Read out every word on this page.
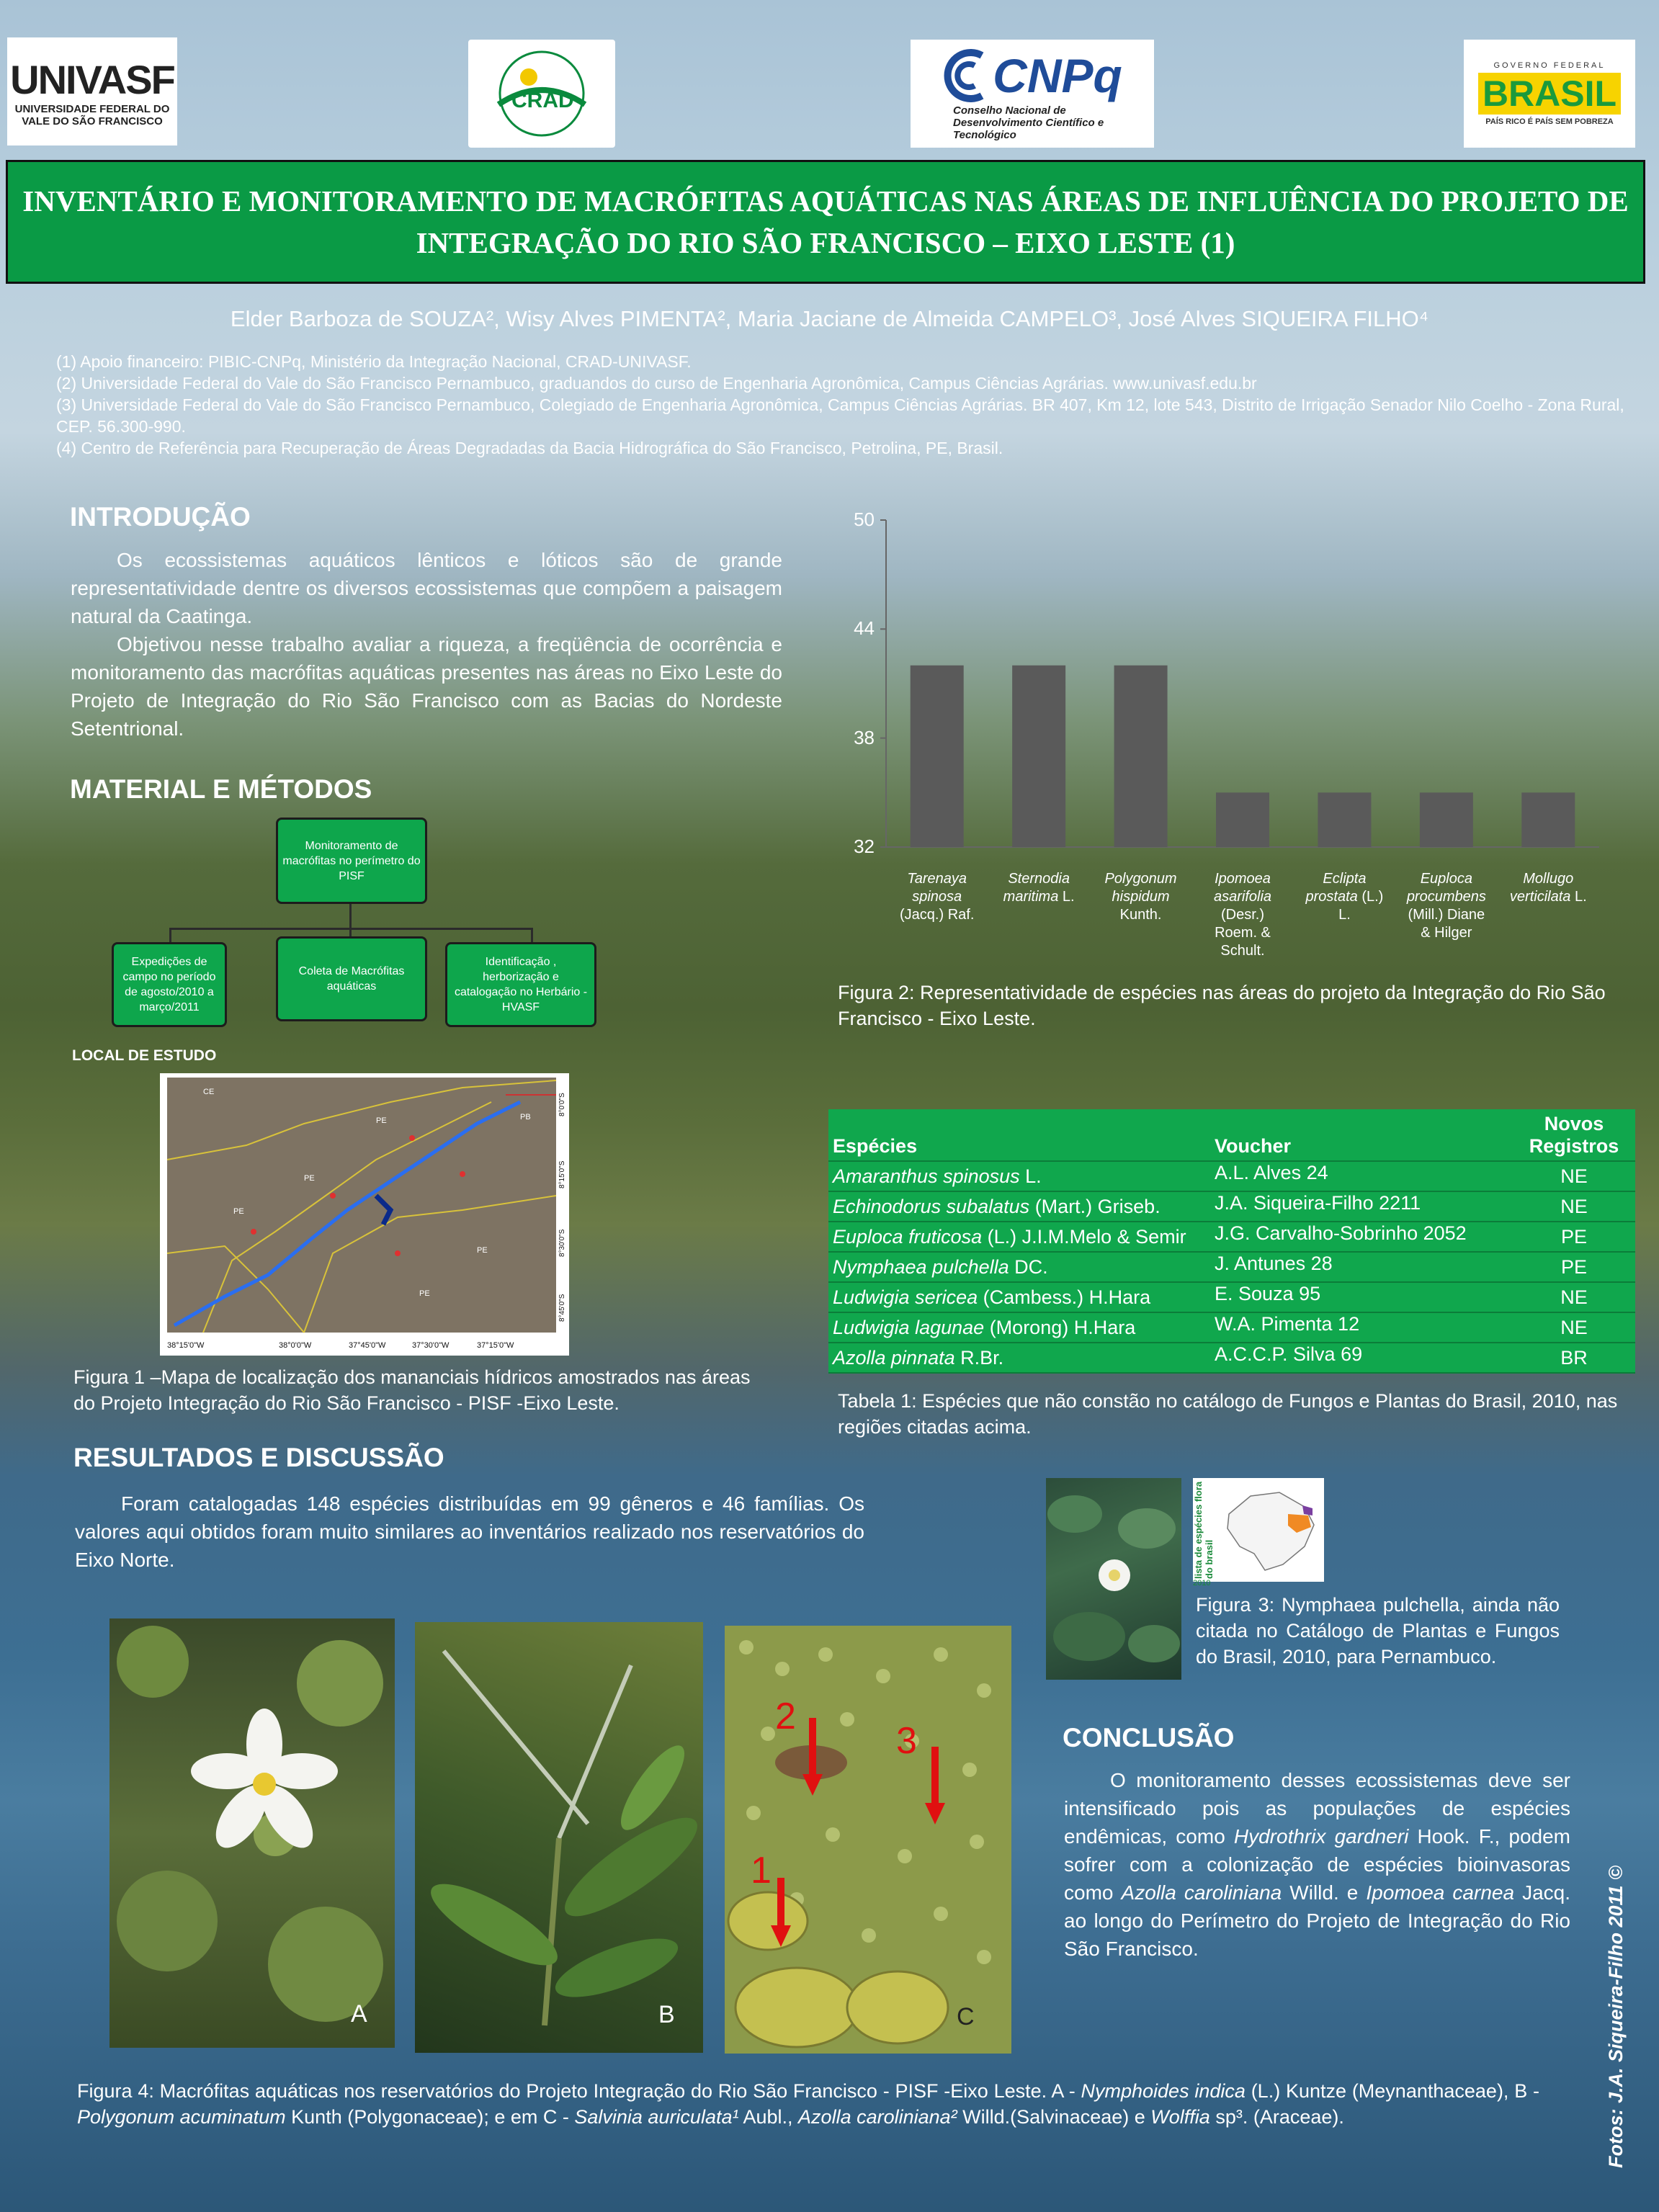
UNIVASF
UNIVERSIDADE FEDERAL DO VALE DO SÃO FRANCISCO
CRAD	CNPq
Conselho Nacional de Desenvolvimento Científico e Tecnológico
GOVERNO FEDERAL
BRASIL
PAÍS RICO É PAÍS SEM POBREZA
INVENTÁRIO E MONITORAMENTO DE MACRÓFITAS AQUÁTICAS NAS ÁREAS DE INFLUÊNCIA DO PROJETO DE INTEGRAÇÃO DO RIO SÃO FRANCISCO – EIXO LESTE (1)
Elder Barboza de SOUZA², Wisy Alves PIMENTA², Maria Jaciane de Almeida CAMPELO³, José Alves SIQUEIRA FILHO⁴
(1) Apoio financeiro: PIBIC-CNPq, Ministério da Integração Nacional, CRAD-UNIVASF.
(2) Universidade Federal do Vale do São Francisco Pernambuco, graduandos do curso de Engenharia Agronômica, Campus Ciências Agrárias. www.univasf.edu.br
(3) Universidade Federal do Vale do São Francisco Pernambuco, Colegiado de Engenharia Agronômica, Campus Ciências Agrárias. BR 407, Km 12, lote 543, Distrito de Irrigação Senador Nilo Coelho - Zona Rural, CEP. 56.300-990.
(4) Centro de Referência para Recuperação de Áreas Degradadas da Bacia Hidrográfica do São Francisco, Petrolina, PE, Brasil.
INTRODUÇÃO

Os ecossistemas aquáticos lênticos e lóticos são de grande representatividade dentre os diversos ecossistemas que compõem a paisagem natural da Caatinga.

Objetivou nesse trabalho avaliar a riqueza, a freqüência de ocorrência e monitoramento das macrófitas aquáticas presentes nas áreas no Eixo Leste do Projeto de Integração do Rio São Francisco com as Bacias do Nordeste Setentrional.

MATERIAL E MÉTODOS
Monitoramento de macrófitas no perímetro do PISF
Expedições de campo no período de agosto/2010 a março/2011
Coleta de Macrófitas aquáticas
Identificação , herborização e catalogação no Herbário - HVASF
LOCAL DE ESTUDO
PE
PB
PE
CE
PE
PE
PE
38°15'0"W	38°0'0"W	37°45'0"W	37°30'0"W	37°15'0"W
8°0'0"S
8°15'0"S
8°30'0"S
8°45'0"S
Figura 1 –Mapa de localização dos mananciais hídricos amostrados nas áreas do Projeto Integração do Rio São Francisco - PISF -Eixo Leste.
32
38
44
50
Tarenaya spinosa (Jacq.) Raf.
Sternodia maritima L.
Polygonum hispidum Kunth.
Ipomoea asarifolia (Desr.) Roem. & Schult.
Eclipta prostata (L.) L.
Euploca procumbens (Mill.) Diane & Hilger
Mollugo verticilata L.
Figura 2: Representatividade de espécies nas áreas do projeto da Integração do Rio São Francisco - Eixo Leste.
Espécies	Voucher	Novos Registros
Amaranthus spinosus L.	A.L. Alves 24	NE
Echinodorus subalatus (Mart.) Griseb.	J.A. Siqueira-Filho 2211	NE
Euploca fruticosa (L.) J.I.M.Melo & Semir	J.G. Carvalho-Sobrinho 2052	PE
Nymphaea pulchella DC.	J. Antunes 28	PE
Ludwigia sericea (Cambess.) H.Hara	E. Souza 95	NE
Ludwigia lagunae (Morong) H.Hara	W.A. Pimenta 12	NE
Azolla pinnata R.Br.	A.C.C.P. Silva 69	BR
Tabela 1: Espécies que não constão no catálogo de Fungos e Plantas do Brasil, 2010, nas regiões citadas acima.
RESULTADOS E DISCUSSÃO

Foram catalogadas 148 espécies distribuídas em 99 gêneros e 46 famílias. Os valores aqui obtidos foram muito similares ao inventários realizado nos reservatórios do Eixo Norte.	lista de espécies flora do brasil
2010
Figura 3: Nymphaea pulchella, ainda não citada no Catálogo de Plantas e Fungos do Brasil, 2010, para Pernambuco.
CONCLUSÃO

O monitoramento desses ecossistemas deve ser intensificado pois as populações de espécies endêmicas, como Hydrothrix gardneri Hook. F., podem sofrer com a colonização de espécies bioinvasoras como Azolla caroliniana Willd. e Ipomoea carnea Jacq. ao longo do Perímetro do Projeto de Integração do Rio São Francisco.

A	B
2
3
1
C
Figura 4: Macrófitas aquáticas nos reservatórios do Projeto Integração do Rio São Francisco - PISF -Eixo Leste. A - Nymphoides indica (L.) Kuntze (Meynanthaceae), B - Polygonum acuminatum Kunth (Polygonaceae); e em C - Salvinia auriculata¹ Aubl., Azolla caroliniana² Willd.(Salvinaceae) e Wolffia sp³. (Araceae).	Fotos: J.A. Siqueira-Filho 2011 ©
